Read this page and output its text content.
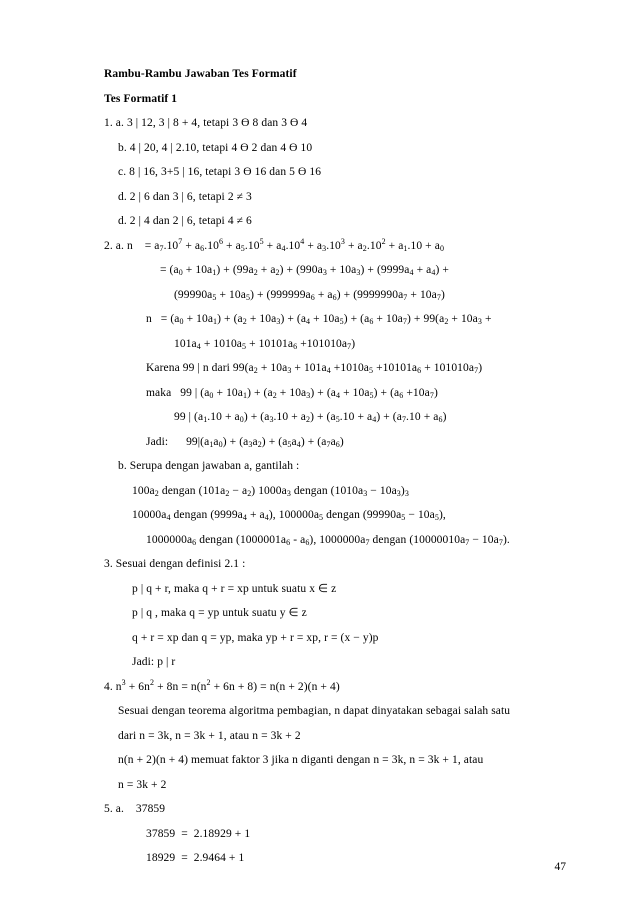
Rambu-Rambu Jawaban Tes Formatif
Tes Formatif 1
1. a. 3 | 12, 3 | 8 + 4, tetapi 3 ϴ 8 dan 3 ϴ 4
b. 4 | 20, 4 | 2.10, tetapi 4 ϴ 2 dan 4 ϴ 10
c. 8 | 16, 3+5 | 16, tetapi 3 ϴ 16 dan 5 ϴ 16
d. 2 | 6 dan 3 | 6, tetapi 2 ≠ 3
d. 2 | 4 dan 2 | 6, tetapi 4 ≠ 6
2. a. n    = $a_7.10^7 + a_6.10^6 + a_5.10^5 + a_4.10^4 + a_3.10^3 + a_2.10^2 + a_1.10 + a_0$
= $(a_0 + 10a_1) + (99a_2 + a_2) + (990a_3 + 10a_3) + (9999a_4 + a_4)$ +
$(99990a_5 + 10a_5) + (999999a_6 + a_6) + (9999990a_7 + 10a_7)$
$n = (a_0 + 10a_1) + (a_2 + 10a_3) + (a_4 + 10a_5) + (a_6 + 10a_7) + 99(a_2 + 10a_3$ +
$101a_4 + 1010a_5 + 10101a_6 +101010a_7$)
Karena 99 | n dari $99(a_2 + 10a_3 + 101a_4 +1010a_5 +10101a_6 + 101010a_7)$
maka   99 | $(a_0 + 10a_1) + (a_2 + 10a_3) + (a_4 + 10a_5) + (a_6 +10a_7)$
99 | $(a_1.10 + a_0) + (a_3.10 + a_2) + (a_5.10 + a_4) + (a_7.10 + a_6)$
Jadi:      $99|(a_1a_0) + (a_3a_2) + (a_5a_4) + (a_7a_6)$
b. Serupa dengan jawaban a, gantilah :
$100a_2$ dengan $(101a_2 - a_2)$ $1000a_3$ dengan $(1010a_3 - 10a_3)_3$
$10000a_4$ dengan $(9999a_4 + a_4)$, $100000a_5$ dengan $(99990a_5 - 10a_5)$,
$1000000a_6$ dengan $(1000001a_6 - a_6)$, $1000000a_7$ dengan $(10000010a_7 - 10a_7)$.
3. Sesuai dengan definisi 2.1 :
p | q + r, maka q + r = xp untuk suatu x ∈ z
p | q , maka q = yp untuk suatu y ∈ z
q + r = xp dan q = yp, maka yp + r = xp, r = (x − y)p
Jadi: p | r
4. $n^3 + 6n^2 + 8n = n(n^2 + 6n + 8) = n(n + 2)(n + 4)$
Sesuai dengan teorema algoritma pembagian, n dapat dinyatakan sebagai salah satu
dari n = 3k, n = 3k + 1, atau n = 3k + 2
n(n + 2)(n + 4) memuat faktor 3 jika n diganti dengan n = 3k, n = 3k + 1, atau
n = 3k + 2
5. a.    37859
37859  =  2.18929 + 1
18929  =  2.9464 + 1
47
